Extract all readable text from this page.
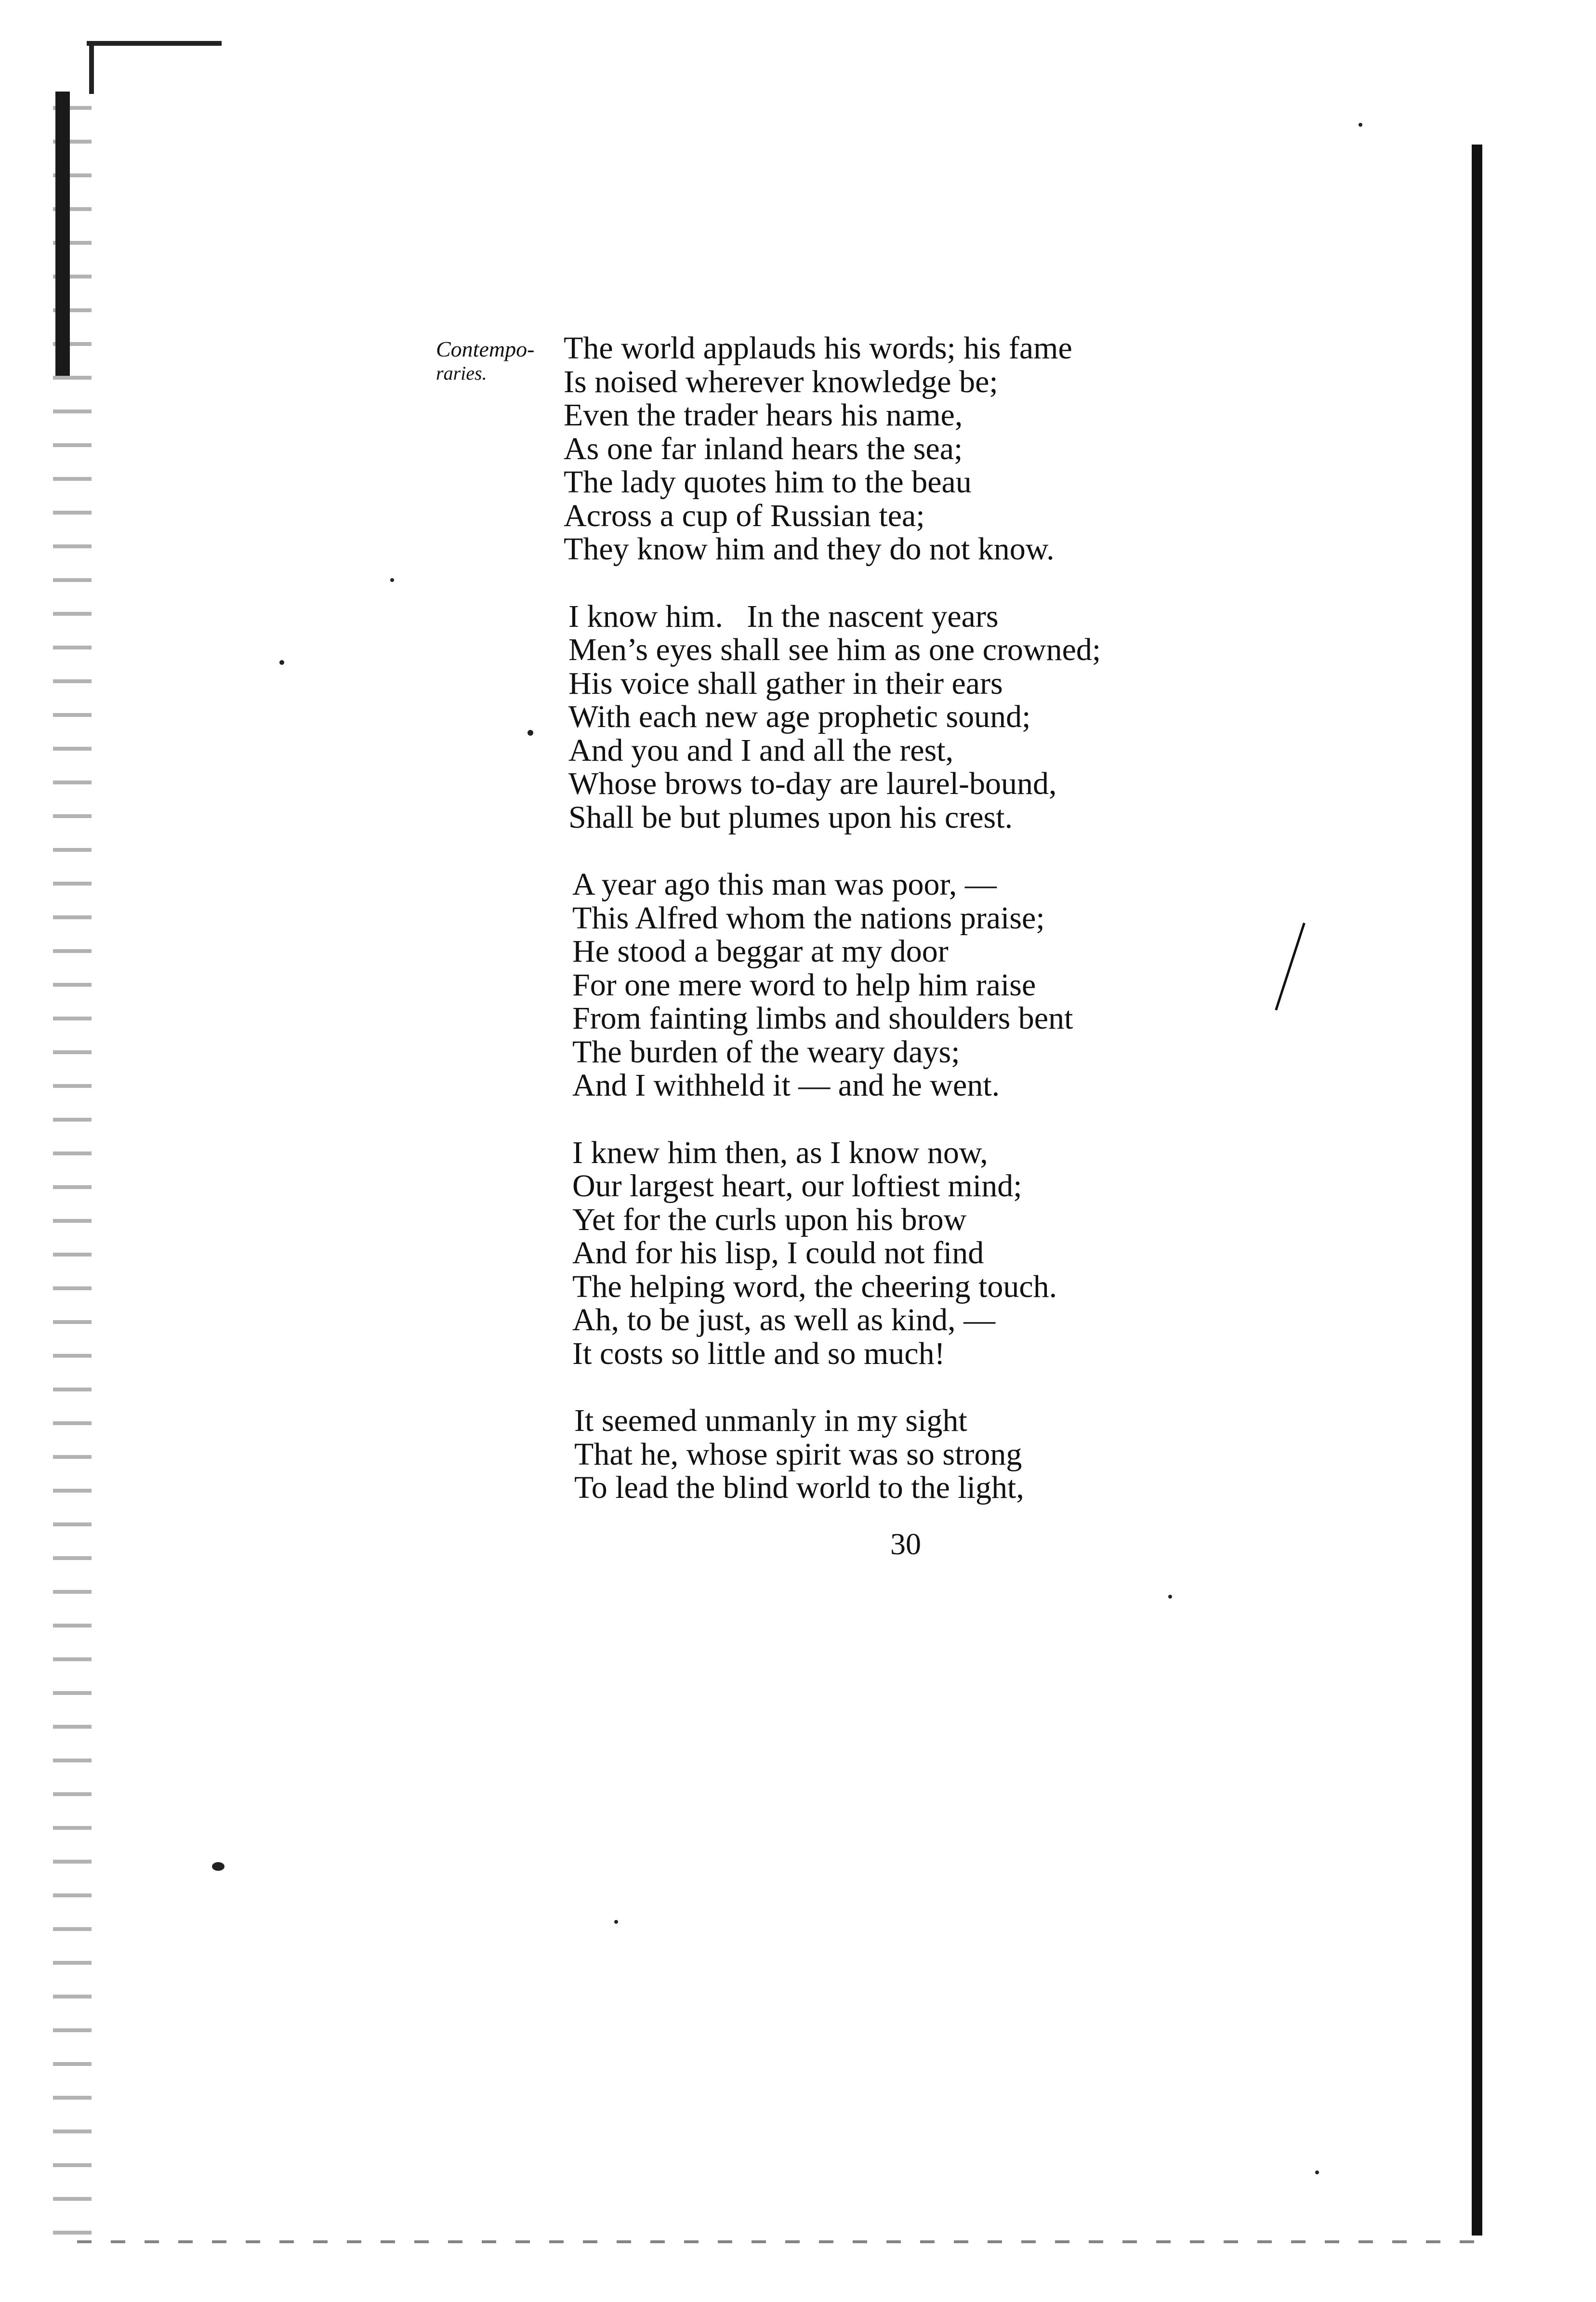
Contempo-
raries.
The world applauds his words; his fame
Is noised wherever knowledge be;
Even the trader hears his name,
As one far inland hears the sea;
The lady quotes him to the beau
Across a cup of Russian tea;
They know him and they do not know.
I know him.   In the nascent years
Men’s eyes shall see him as one crowned;
His voice shall gather in their ears
With each new age prophetic sound;
And you and I and all the rest,
Whose brows to-day are laurel-bound,
Shall be but plumes upon his crest.
A year ago this man was poor, —
This Alfred whom the nations praise;
He stood a beggar at my door
For one mere word to help him raise
From fainting limbs and shoulders bent
The burden of the weary days;
And I withheld it — and he went.
I knew him then, as I know now,
Our largest heart, our loftiest mind;
Yet for the curls upon his brow
And for his lisp, I could not find
The helping word, the cheering touch.
Ah, to be just, as well as kind, —
It costs so little and so much!
It seemed unmanly in my sight
That he, whose spirit was so strong
To lead the blind world to the light,
30
